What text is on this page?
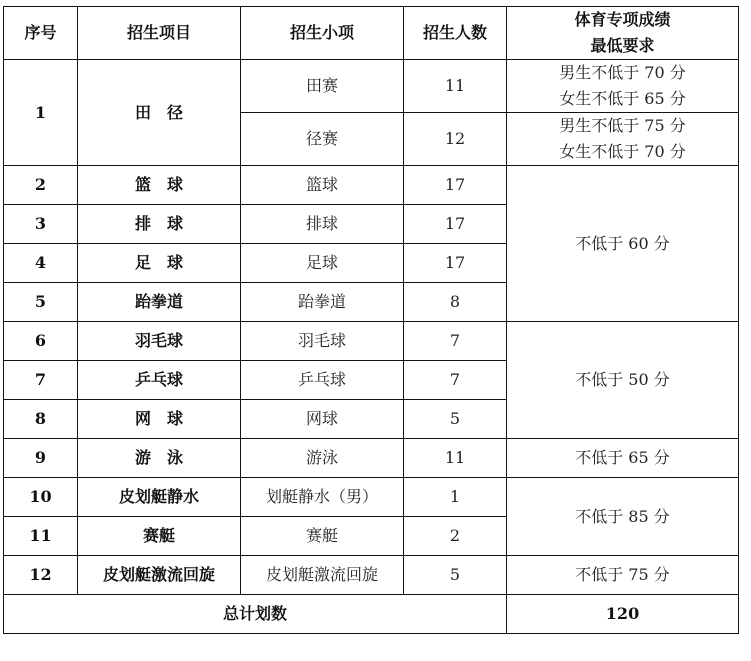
序号	招生项目	招生小项	招生人数	体育专项成绩
最低要求

1	田　径	田赛	11	男生不低于 70 分
女生不低于 65 分

		径赛	12	男生不低于 75 分
女生不低于 70 分

2	篮　球	篮球	17	不低于 60 分
3	排　球	排球	17	
4	足　球	足球	17	
5	跆拳道	跆拳道	8	
6	羽毛球	羽毛球	7	不低于 50 分
7	乒乓球	乒乓球	7	
8	网　球	网球	5	
9	游　泳	游泳	11	不低于 65 分
10	皮划艇静水	划艇静水（男）	1	不低于 85 分
11	赛艇	赛艇	2	
12	皮划艇激流回旋	皮划艇激流回旋	5	不低于 75 分
总计划数				120
